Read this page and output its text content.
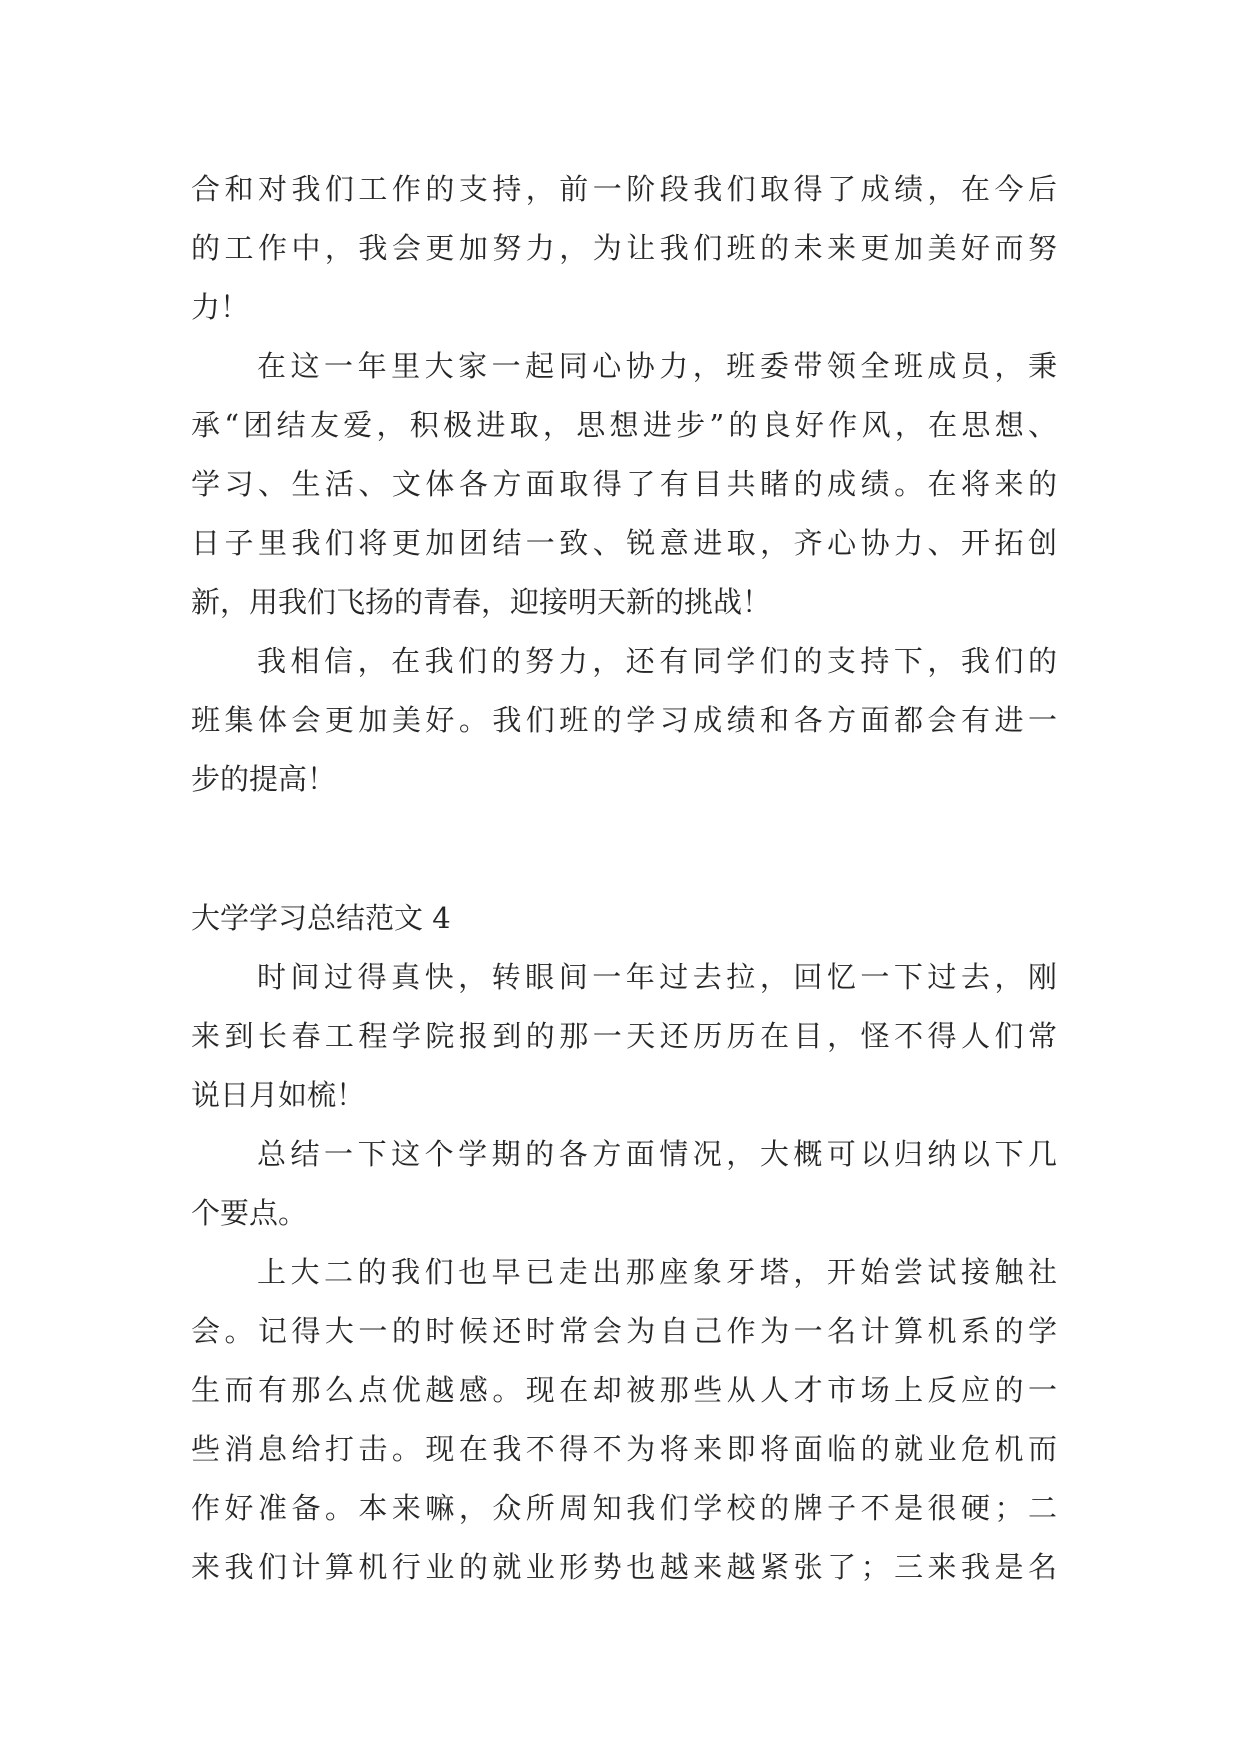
合和对我们工作的支持，前一阶段我们取得了成绩，在今后
的工作中，我会更加努力，为让我们班的未来更加美好而努
力！
在这一年里大家一起同心协力，班委带领全班成员，秉
承“团结友爱，积极进取，思想进步”的良好作风，在思想、
学习、生活、文体各方面取得了有目共睹的成绩。在将来的
日子里我们将更加团结一致、锐意进取，齐心协力、开拓创
新，用我们飞扬的青春，迎接明天新的挑战！
我相信，在我们的努力，还有同学们的支持下，我们的
班集体会更加美好。我们班的学习成绩和各方面都会有进一
步的提高！
大学学习总结范文 4
时间过得真快，转眼间一年过去拉，回忆一下过去，刚
来到长春工程学院报到的那一天还历历在目，怪不得人们常
说日月如梳！
总结一下这个学期的各方面情况，大概可以归纳以下几
个要点。
上大二的我们也早已走出那座象牙塔，开始尝试接触社
会。记得大一的时候还时常会为自己作为一名计算机系的学
生而有那么点优越感。现在却被那些从人才市场上反应的一
些消息给打击。现在我不得不为将来即将面临的就业危机而
作好准备。本来嘛，众所周知我们学校的牌子不是很硬；二
来我们计算机行业的就业形势也越来越紧张了；三来我是名
